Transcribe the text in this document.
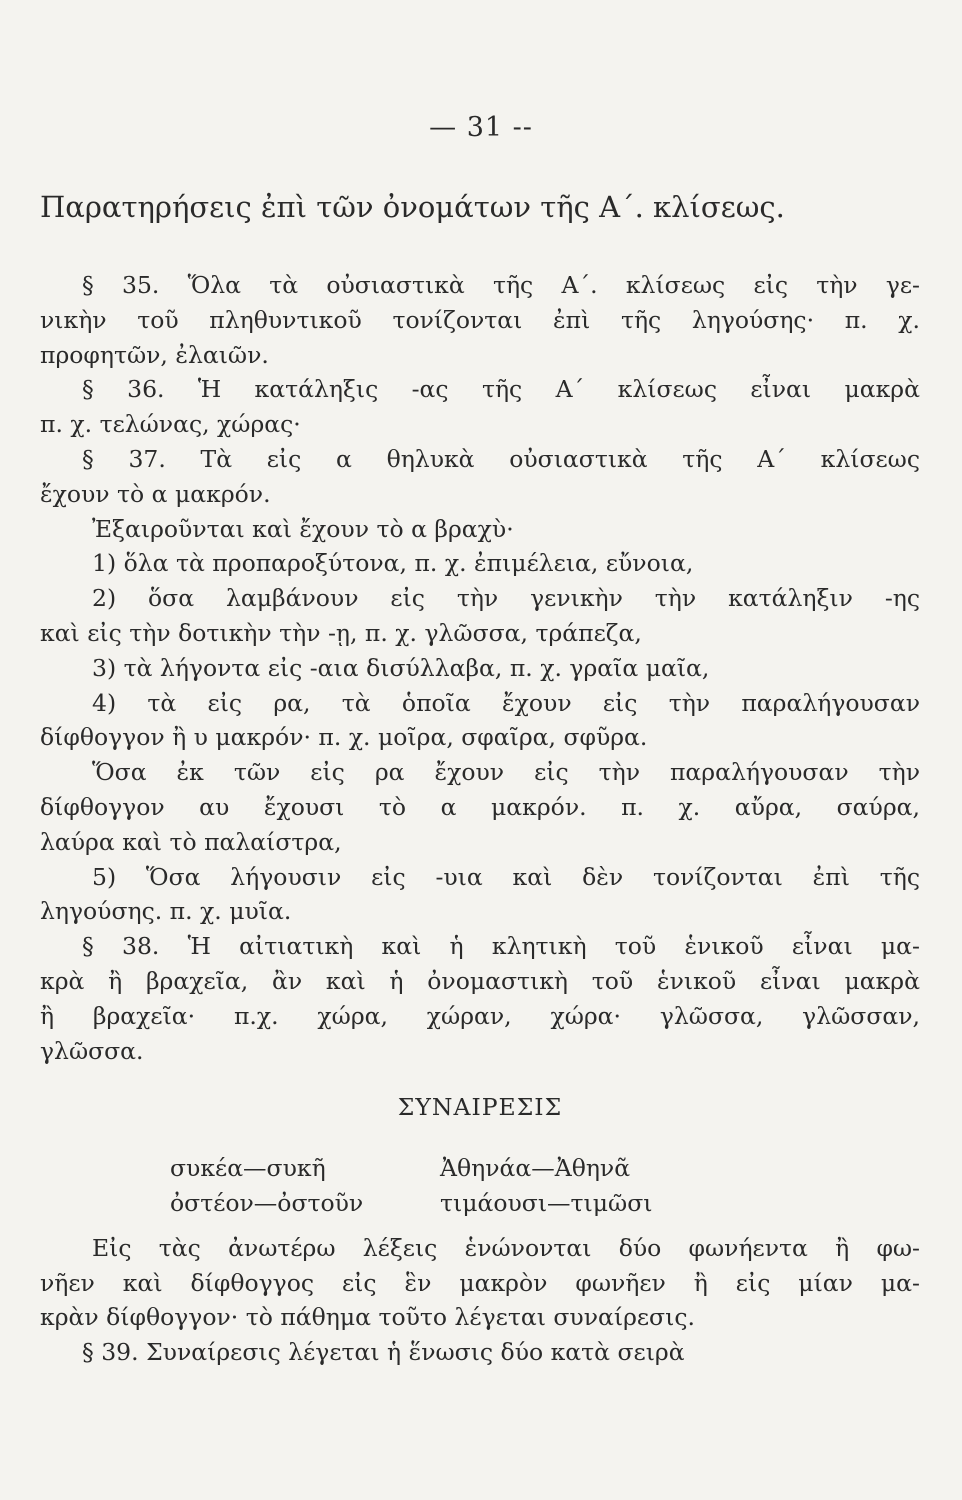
— 31 --
Παρατηρήσεις ἐπὶ τῶν ὀνομάτων τῆς Α΄. κλίσεως.
§ 35. Ὅλα τὰ οὐσιαστικὰ τῆς Α΄. κλίσεως εἰς τὴν γε-
νικὴν τοῦ πληθυντικοῦ τονίζονται ἐπὶ τῆς ληγούσης· π. χ.
προφητῶν, ἐλαιῶν.
§ 36. Ἡ κατάληξις -ας τῆς Α΄ κλίσεως εἶναι μακρὰ
π. χ. τελώνας, χώρας·
§ 37. Τὰ εἰς α θηλυκὰ οὐσιαστικὰ τῆς Α΄ κλίσεως
ἔχουν τὸ α μακρόν.
Ἐξαιροῦνται καὶ ἔχουν τὸ α βραχὺ·
1) ὅλα τὰ προπαροξύτονα, π. χ. ἐπιμέλεια, εὔνοια,
2) ὅσα λαμβάνουν εἰς τὴν γενικὴν τὴν κατάληξιν -ης
καὶ εἰς τὴν δοτικὴν τὴν -ῃ, π. χ. γλῶσσα, τράπεζα,
3) τὰ λήγοντα εἰς -αια δισύλλαβα, π. χ. γραῖα μαῖα,
4) τὰ εἰς ρα, τὰ ὁποῖα ἔχουν εἰς τὴν παραλήγουσαν
δίφθογγον ἢ υ μακρόν· π. χ. μοῖρα, σφαῖρα, σφῦρα.
Ὅσα ἐκ τῶν εἰς ρα ἔχουν εἰς τὴν παραλήγουσαν τὴν
δίφθογγον αυ ἔχουσι τὸ α μακρόν. π. χ. αὔρα, σαύρα,
λαύρα καὶ τὸ παλαίστρα,
5) Ὅσα λήγουσιν εἰς -υια καὶ δὲν τονίζονται ἐπὶ τῆς
ληγούσης. π. χ. μυῖα.
§ 38. Ἡ αἰτιατικὴ καὶ ἡ κλητικὴ τοῦ ἑνικοῦ εἶναι μα-
κρὰ ἢ βραχεῖα, ἂν καὶ ἡ ὀνομαστικὴ τοῦ ἑνικοῦ εἶναι μακρὰ
ἢ βραχεῖα· π.χ. χώρα, χώραν, χώρα· γλῶσσα, γλῶσσαν,
γλῶσσα.
ΣΥΝΑΙΡΕΣΙΣ
συκέα—συκῆ
ὀστέον—ὀστοῦν
Ἀθηνάα—Ἀθηνᾶ
τιμάουσι—τιμῶσι
Εἰς τὰς ἀνωτέρω λέξεις ἑνώνονται δύο φωνήεντα ἢ φω-
νῆεν καὶ δίφθογγος εἰς ἓν μακρὸν φωνῆεν ἢ εἰς μίαν μα-
κρὰν δίφθογγον· τὸ πάθημα τοῦτο λέγεται συναίρεσις.
§ 39. Συναίρεσις λέγεται ἡ ἕνωσις δύο κατὰ σειρὰ
